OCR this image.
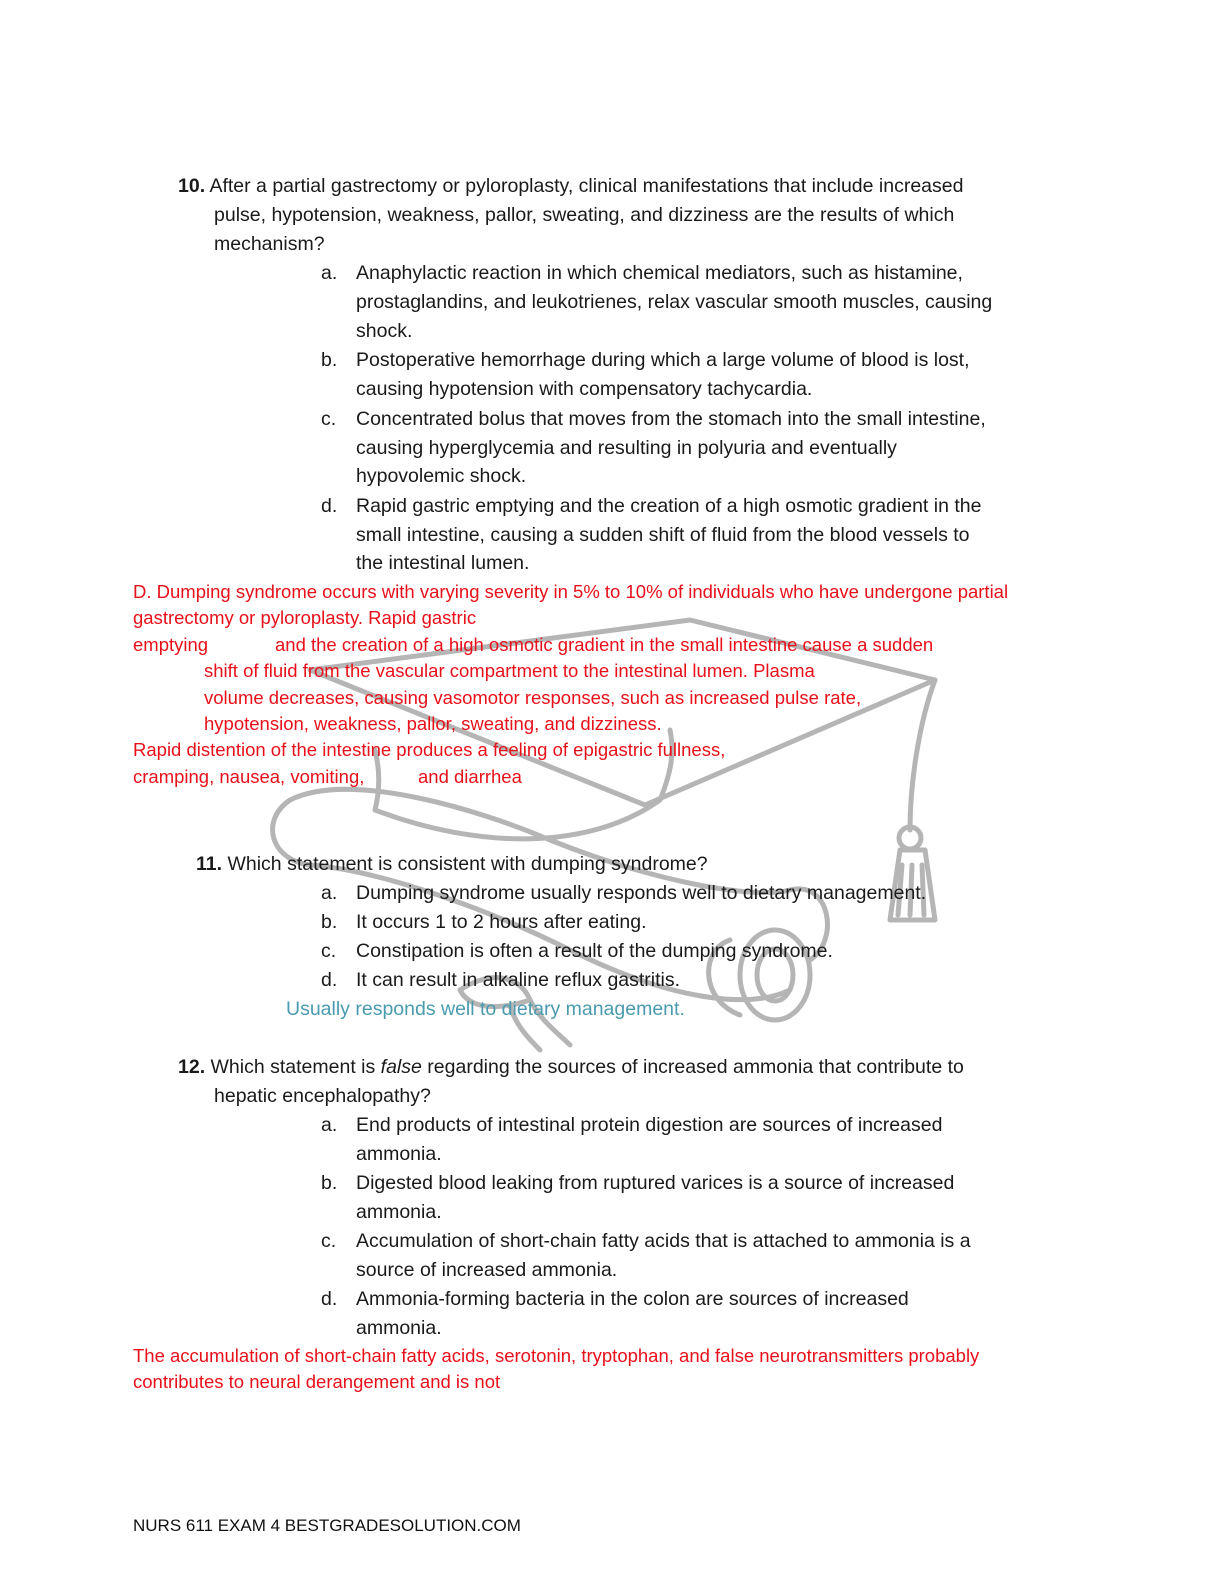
10. After a partial gastrectomy or pyloroplasty, clinical manifestations that include increased
pulse, hypotension, weakness, pallor, sweating, and dizziness are the results of which
mechanism?
a. Anaphylactic reaction in which chemical mediators, such as histamine,
prostaglandins, and leukotrienes, relax vascular smooth muscles, causing
shock.
b. Postoperative hemorrhage during which a large volume of blood is lost,
causing hypotension with compensatory tachycardia.
c. Concentrated bolus that moves from the stomach into the small intestine,
causing hyperglycemia and resulting in polyuria and eventually
hypovolemic shock.
d. Rapid gastric emptying and the creation of a high osmotic gradient in the
small intestine, causing a sudden shift of fluid from the blood vessels to
the intestinal lumen.
D. Dumping syndrome occurs with varying severity in 5% to 10% of individuals who have undergone partial
gastrectomy or pyloroplasty. Rapid gastric
emptying	and the creation of a high osmotic gradient in the small intestine cause a sudden
shift of fluid from the vascular compartment to the intestinal lumen. Plasma
volume decreases, causing vasomotor responses, such as increased pulse rate,
hypotension, weakness, pallor, sweating, and dizziness.
Rapid distention of the intestine produces a feeling of epigastric fullness,
cramping, nausea, vomiting,	and diarrhea
11. Which statement is consistent with dumping syndrome?
a. Dumping syndrome usually responds well to dietary management.
b. It occurs 1 to 2 hours after eating.
c. Constipation is often a result of the dumping syndrome.
d. It can result in alkaline reflux gastritis.
Usually responds well to dietary management.
12. Which statement is false regarding the sources of increased ammonia that contribute to
hepatic encephalopathy?
a. End products of intestinal protein digestion are sources of increased
ammonia.
b. Digested blood leaking from ruptured varices is a source of increased
ammonia.
c. Accumulation of short-chain fatty acids that is attached to ammonia is a
source of increased ammonia.
d. Ammonia-forming bacteria in the colon are sources of increased
ammonia.
The accumulation of short-chain fatty acids, serotonin, tryptophan, and false neurotransmitters probably
contributes to neural derangement and is not
NURS 611 EXAM 4 BESTGRADESOLUTION.COM
